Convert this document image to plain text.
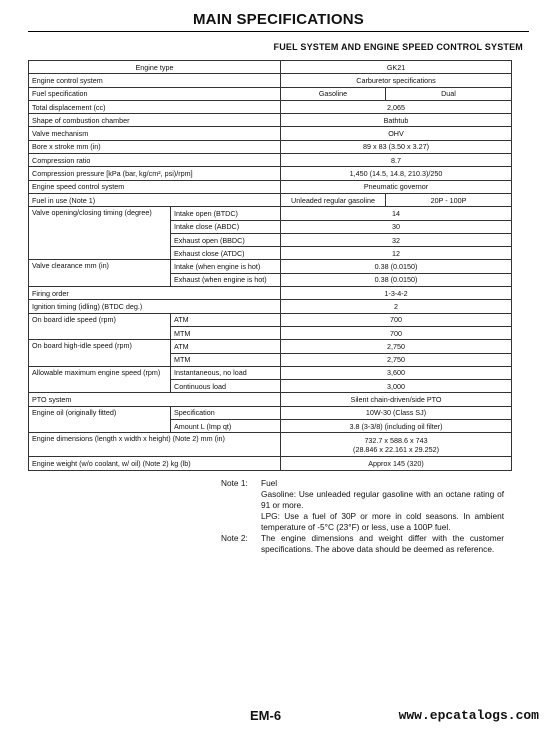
MAIN SPECIFICATIONS
FUEL SYSTEM AND ENGINE SPEED CONTROL SYSTEM
Engine type		GK21	
Engine control system		Carburetor specifications	
Fuel specification		Gasoline	Dual
Total displacement (cc)		2,065	
Shape of combustion chamber		Bathtub	
Valve mechanism		OHV	
Bore x stroke mm (in)		89 x 83 (3.50 x 3.27)	
Compression ratio		8.7	
Compression pressure [kPa (bar, kg/cm², psi)/rpm]		1,450 (14.5, 14.8, 210.3)/250	
Engine speed control system		Pneumatic governor	
Fuel in use (Note 1)		Unleaded regular gasoline	20P - 100P
Valve opening/closing timing (degree)	Intake open (BTDC)	14	
	Intake close (ABDC)	30	
	Exhaust open (BBDC)	32	
	Exhaust close (ATDC)	12	
Valve clearance mm (in)	Intake (when engine is hot)	0.38 (0.0150)	
	Exhaust (when engine is hot)	0.38 (0.0150)	
Firing order		1-3-4-2	
Ignition timing (idling) (BTDC deg.)		2	
On board idle speed (rpm)	ATM	700	
	MTM	700	
On board high-idle speed (rpm)	ATM	2,750	
	MTM	2,750	
Allowable maximum engine speed (rpm)	Instantaneous, no load	3,600	
	Continuous load	3,000	
PTO system		Silent chain-driven/side PTO	
Engine oil (originally fitted)	Specification	10W-30 (Class SJ)	
	Amount L (Imp qt)	3.8 (3-3/8) (including oil filter)	
Engine dimensions (length x width x height) (Note 2) mm (in)		732.7 x 588.6 x 743
(28.846 x 22.161 x 29.252)	

Engine weight (w/o coolant, w/ oil) (Note 2) kg (lb)		Approx 145 (320)	
Note 1:	Fuel

Gasoline: Use unleaded regular gasoline with an octane rating of 91 or more.

LPG: Use a fuel of 30P or more in cold seasons. In ambient temperature of -5°C (23°F) or less, use a 100P fuel.

Note 2:	The engine dimensions and weight differ with the customer specifications. The above data should be deemed as reference.

EM-6	www.epcatalogs.com
